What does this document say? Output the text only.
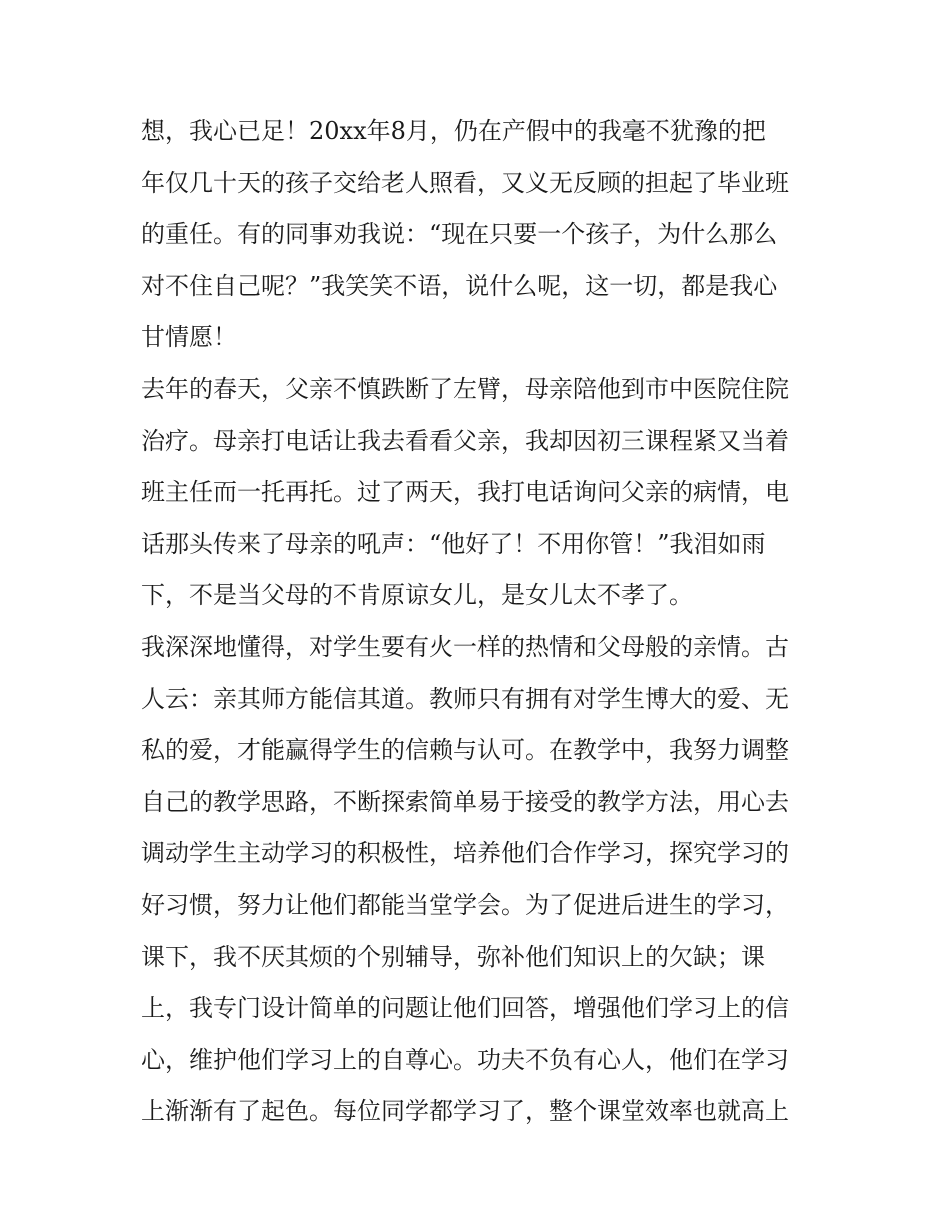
想，我心已足！20xx年8月，仍在产假中的我毫不犹豫的把
年仅几十天的孩子交给老人照看，又义无反顾的担起了毕业班
的重任。有的同事劝我说：“现在只要一个孩子，为什么那么
对不住自己呢？”我笑笑不语，说什么呢，这一切，都是我心
甘情愿！
去年的春天，父亲不慎跌断了左臂，母亲陪他到市中医院住院
治疗。母亲打电话让我去看看父亲，我却因初三课程紧又当着
班主任而一托再托。过了两天，我打电话询问父亲的病情，电
话那头传来了母亲的吼声：“他好了！不用你管！”我泪如雨
下，不是当父母的不肯原谅女儿，是女儿太不孝了。
我深深地懂得，对学生要有火一样的热情和父母般的亲情。古
人云：亲其师方能信其道。教师只有拥有对学生博大的爱、无
私的爱，才能赢得学生的信赖与认可。在教学中，我努力调整
自己的教学思路，不断探索简单易于接受的教学方法，用心去
调动学生主动学习的积极性，培养他们合作学习，探究学习的
好习惯，努力让他们都能当堂学会。为了促进后进生的学习，
课下，我不厌其烦的个别辅导，弥补他们知识上的欠缺；课
上，我专门设计简单的问题让他们回答，增强他们学习上的信
心，维护他们学习上的自尊心。功夫不负有心人，他们在学习
上渐渐有了起色。每位同学都学习了，整个课堂效率也就高上
